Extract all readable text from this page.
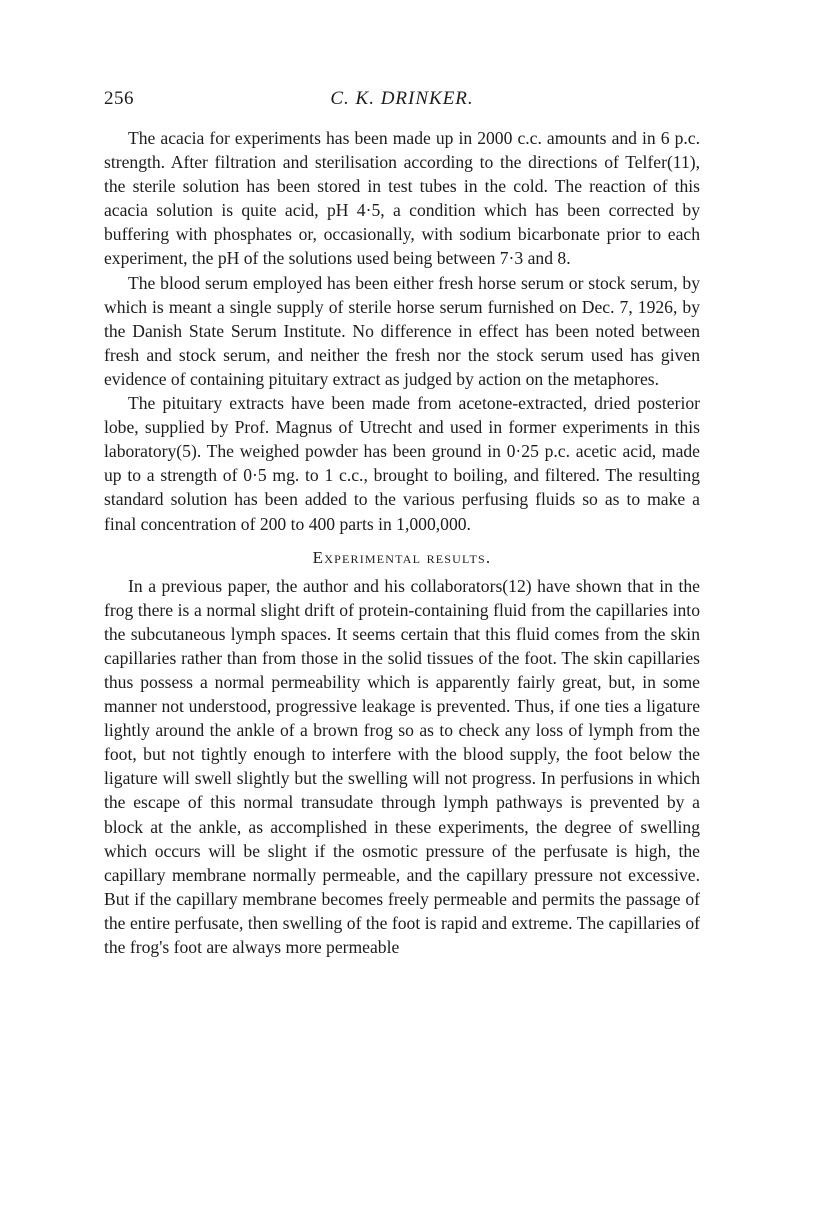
256	C. K. DRINKER.

The acacia for experiments has been made up in 2000 c.c. amounts and in 6 p.c. strength. After filtration and sterilisation according to the directions of Telfer(11), the sterile solution has been stored in test tubes in the cold. The reaction of this acacia solution is quite acid, pH 4·5, a condition which has been corrected by buffering with phosphates or, occasionally, with sodium bicarbonate prior to each experiment, the pH of the solutions used being between 7·3 and 8.

The blood serum employed has been either fresh horse serum or stock serum, by which is meant a single supply of sterile horse serum furnished on Dec. 7, 1926, by the Danish State Serum Institute. No difference in effect has been noted between fresh and stock serum, and neither the fresh nor the stock serum used has given evidence of containing pituitary extract as judged by action on the metaphores.

The pituitary extracts have been made from acetone-extracted, dried posterior lobe, supplied by Prof. Magnus of Utrecht and used in former experiments in this laboratory(5). The weighed powder has been ground in 0·25 p.c. acetic acid, made up to a strength of 0·5 mg. to 1 c.c., brought to boiling, and filtered. The resulting standard solution has been added to the various perfusing fluids so as to make a final concentration of 200 to 400 parts in 1,000,000.

Experimental results.

In a previous paper, the author and his collaborators(12) have shown that in the frog there is a normal slight drift of protein-containing fluid from the capillaries into the subcutaneous lymph spaces. It seems certain that this fluid comes from the skin capillaries rather than from those in the solid tissues of the foot. The skin capillaries thus possess a normal permeability which is apparently fairly great, but, in some manner not understood, progressive leakage is prevented. Thus, if one ties a ligature lightly around the ankle of a brown frog so as to check any loss of lymph from the foot, but not tightly enough to interfere with the blood supply, the foot below the ligature will swell slightly but the swelling will not progress. In perfusions in which the escape of this normal transudate through lymph pathways is prevented by a block at the ankle, as accomplished in these experiments, the degree of swelling which occurs will be slight if the osmotic pressure of the perfusate is high, the capillary membrane normally permeable, and the capillary pressure not excessive. But if the capillary membrane becomes freely permeable and permits the passage of the entire perfusate, then swelling of the foot is rapid and extreme. The capillaries of the frog's foot are always more permeable
